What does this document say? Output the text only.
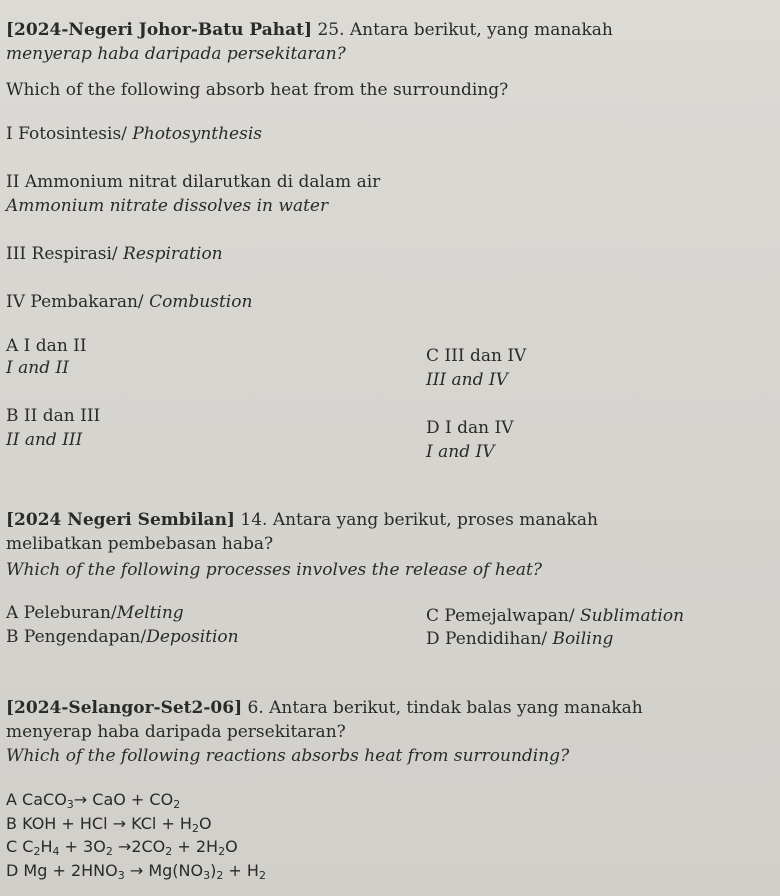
[2024-Negeri Johor-Batu Pahat] 25. Antara berikut, yang manakah
menyerap haba daripada persekitaran?
Which of the following absorb heat from the surrounding?
I Fotosintesis/ Photosynthesis
II Ammonium nitrat dilarutkan di dalam air
Ammonium nitrate dissolves in water
III Respirasi/ Respiration
IV Pembakaran/ Combustion
A I dan II
I and II
C III dan IV
III and IV
B II dan III
II and III
D I dan IV
I and IV
[2024 Negeri Sembilan] 14. Antara yang berikut, proses manakah
melibatkan pembebasan haba?
Which of the following processes involves the release of heat?
A Peleburan/Melting	C Pemejalwapan/ Sublimation
B Pengendapan/Deposition	D Pendidihan/ Boiling
[2024-Selangor-Set2-06] 6. Antara berikut, tindak balas yang manakah
menyerap haba daripada persekitaran?
Which of the following reactions absorbs heat from surrounding?
A CaCO$_3$→ CaO + $CO_2$
B KOH + HCl → KCl + $H_2O$
C $C_2H_4 + 3O_2 \to 2CO_2 + 2H_2O$
D $Mg + 2HNO_3 \to Mg(NO_3)_2 + H_2$
